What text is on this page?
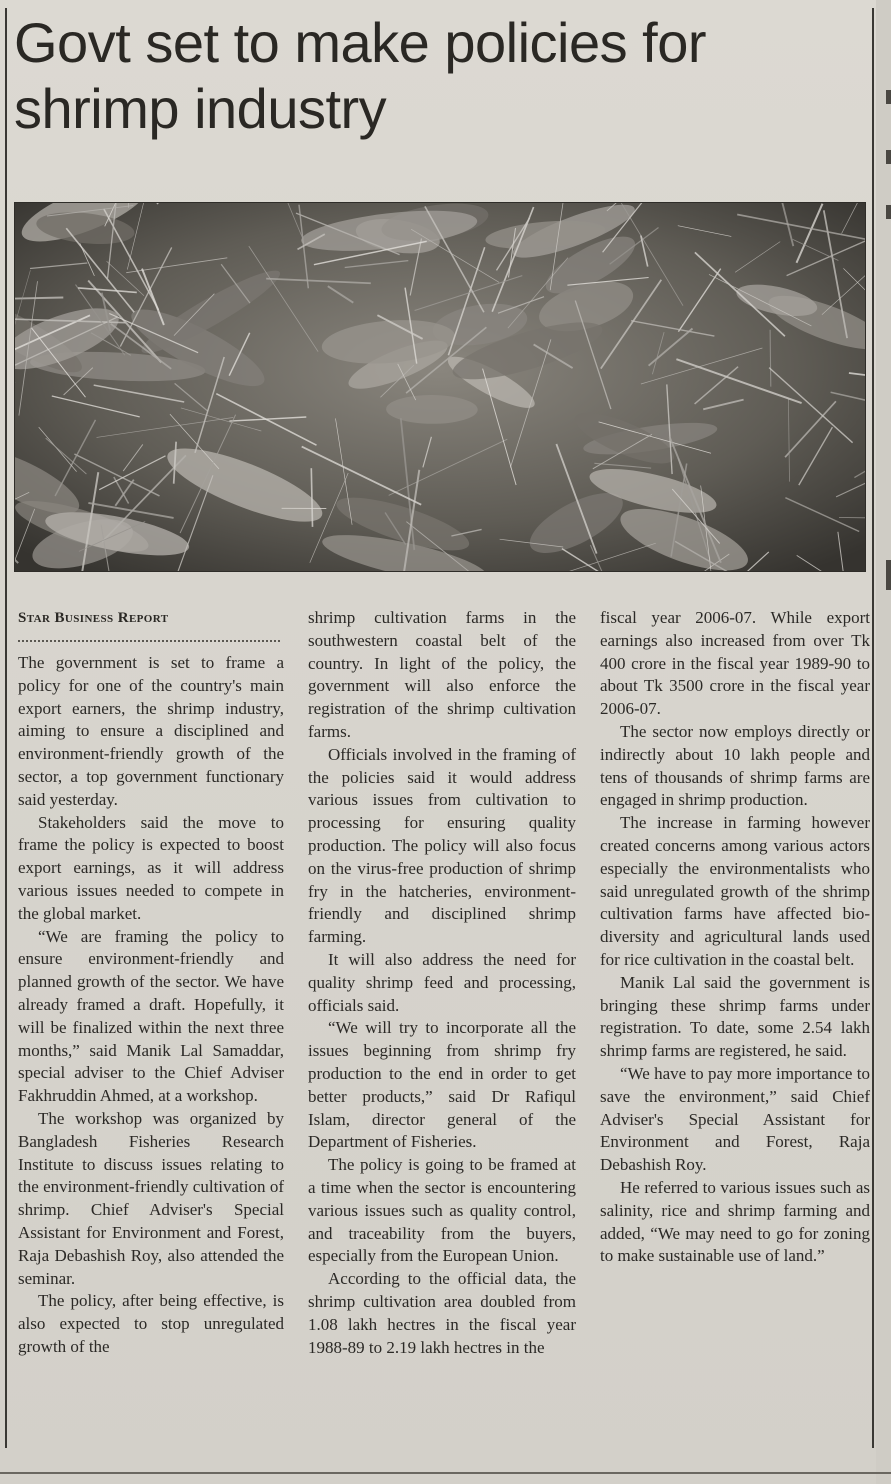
Govt set to make policies for shrimp industry
Star Business Report

The government is set to frame a policy for one of the country's main export earners, the shrimp industry, aiming to ensure a disciplined and environment-friendly growth of the sector, a top government functionary said yesterday.

Stakeholders said the move to frame the policy is expected to boost export earnings, as it will address various issues needed to compete in the global market.

“We are framing the policy to ensure environment-friendly and planned growth of the sector. We have already framed a draft. Hopefully, it will be finalized within the next three months,” said Manik Lal Samaddar, special adviser to the Chief Adviser Fakhruddin Ahmed, at a workshop.

The workshop was organized by Bangladesh Fisheries Research Institute to discuss issues relating to the environment-friendly cultivation of shrimp. Chief Adviser's Special Assistant for Environment and Forest, Raja Debashish Roy, also attended the seminar.

The policy, after being effective, is also expected to stop unregulated growth of the

shrimp cultivation farms in the southwestern coastal belt of the country. In light of the policy, the government will also enforce the registration of the shrimp cultivation farms.

Officials involved in the framing of the policies said it would address various issues from cultivation to processing for ensuring quality production. The policy will also focus on the virus-free production of shrimp fry in the hatcheries, environment-friendly and disciplined shrimp farming.

It will also address the need for quality shrimp feed and processing, officials said.

“We will try to incorporate all the issues beginning from shrimp fry production to the end in order to get better products,” said Dr Rafiqul Islam, director general of the Department of Fisheries.

The policy is going to be framed at a time when the sector is encountering various issues such as quality control, and traceability from the buyers, especially from the European Union.

According to the official data, the shrimp cultivation area doubled from 1.08 lakh hectres in the fiscal year 1988-89 to 2.19 lakh hectres in the

fiscal year 2006-07. While export earnings also increased from over Tk 400 crore in the fiscal year 1989-90 to about Tk 3500 crore in the fiscal year 2006-07.

The sector now employs directly or indirectly about 10 lakh people and tens of thousands of shrimp farms are engaged in shrimp production.

The increase in farming however created concerns among various actors especially the environmentalists who said unregulated growth of the shrimp cultivation farms have affected bio-diversity and agricultural lands used for rice cultivation in the coastal belt.

Manik Lal said the government is bringing these shrimp farms under registration. To date, some 2.54 lakh shrimp farms are registered, he said.

“We have to pay more importance to save the environment,” said Chief Adviser's Special Assistant for Environment and Forest, Raja Debashish Roy.

He referred to various issues such as salinity, rice and shrimp farming and added, “We may need to go for zoning to make sustainable use of land.”
